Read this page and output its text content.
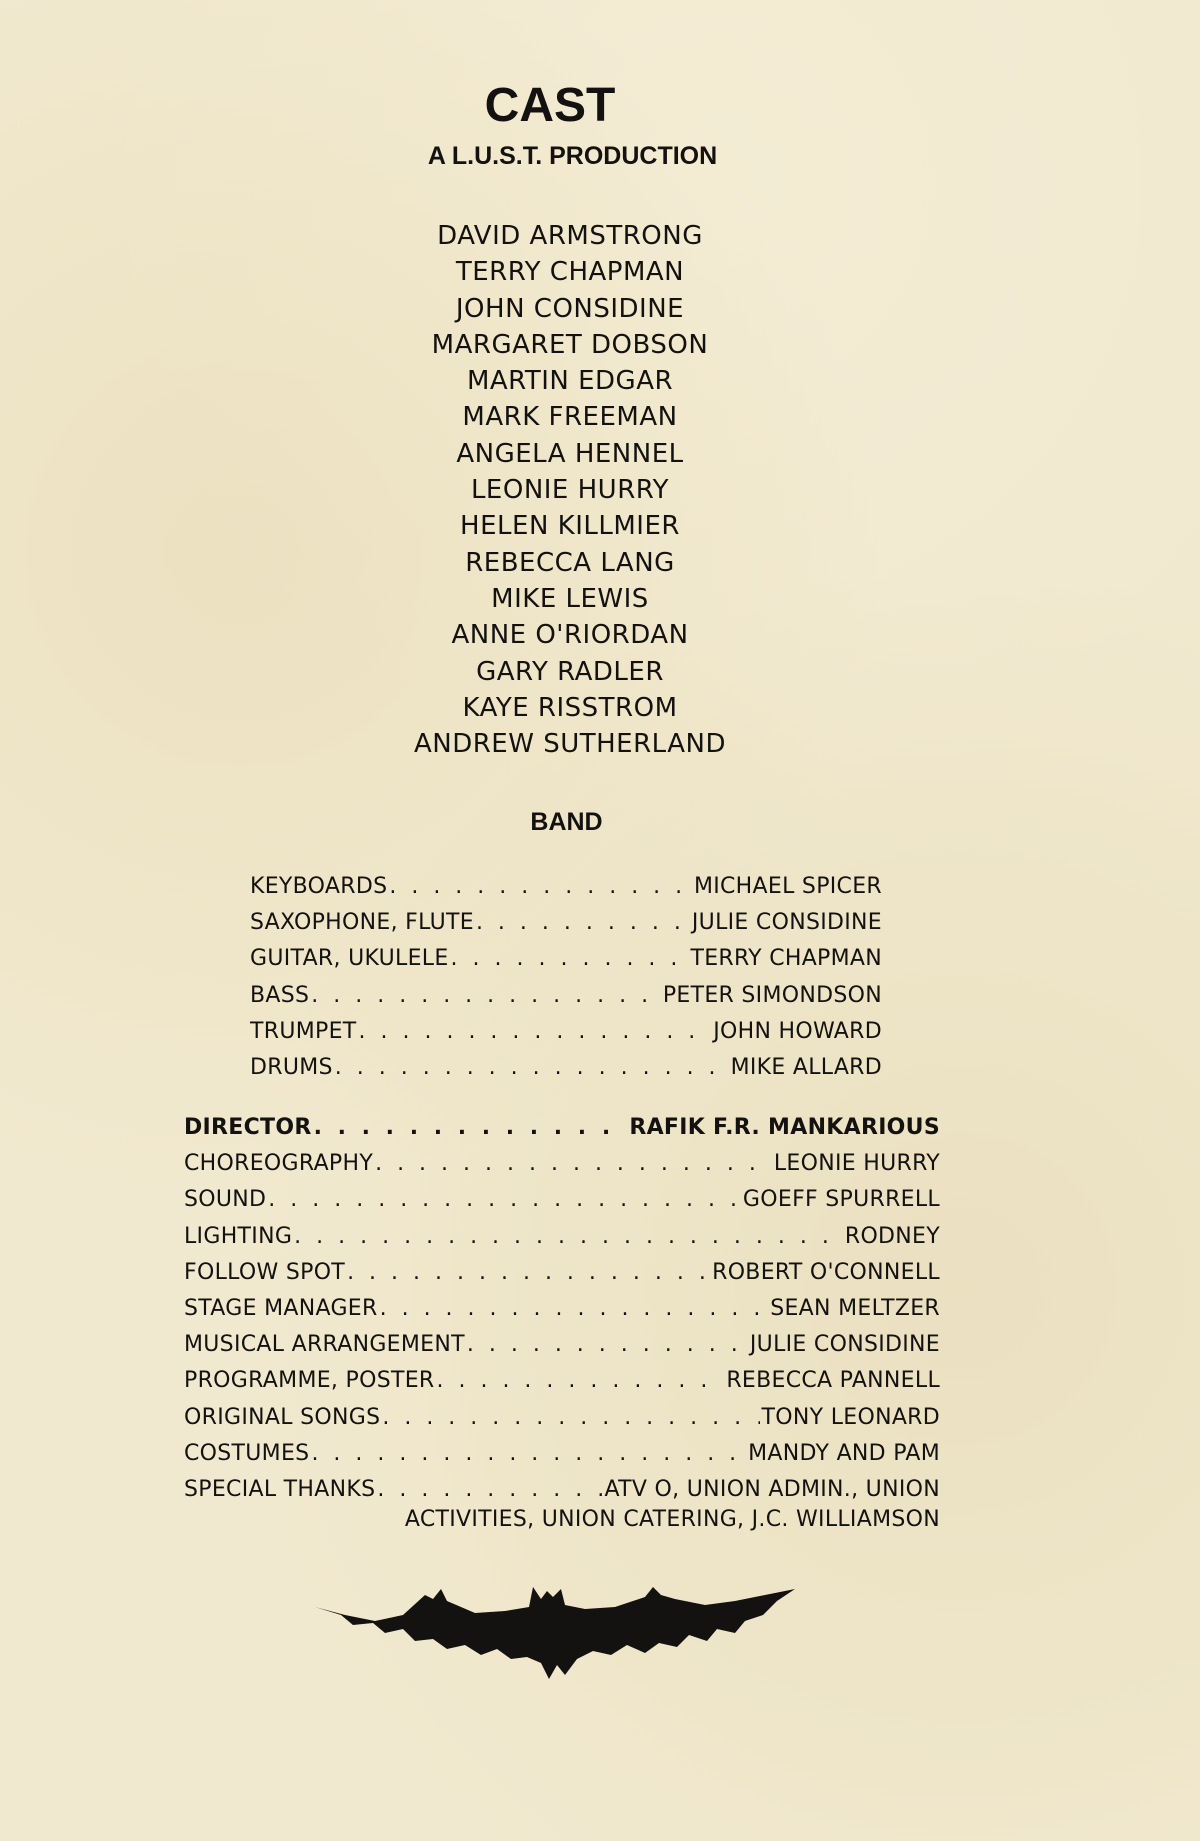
CAST
A L.U.S.T. PRODUCTION
DAVID ARMSTRONG
TERRY CHAPMAN
JOHN CONSIDINE
MARGARET DOBSON
MARTIN EDGAR
MARK FREEMAN
ANGELA HENNEL
LEONIE HURRY
HELEN KILLMIER
REBECCA LANG
MIKE LEWIS
ANNE O'RIORDAN
GARY RADLER
KAYE RISSTROM
ANDREW SUTHERLAND
BAND
KEYBOARDS . . .	MICHAEL SPICER
SAXOPHONE, FLUTE . . .	JULIE CONSIDINE
GUITAR, UKULELE . . .	TERRY CHAPMAN
BASS . . .	PETER SIMONDSON
TRUMPET . . .	JOHN HOWARD
DRUMS . . .	MIKE ALLARD
DIRECTOR . . .	RAFIK F.R. MANKARIOUS
CHOREOGRAPHY . . .	LEONIE HURRY
SOUND . . .	GOEFF SPURRELL
LIGHTING . . .	RODNEY
FOLLOW SPOT . . .	ROBERT O'CONNELL
STAGE MANAGER . . .	SEAN MELTZER
MUSICAL ARRANGEMENT . . .	JULIE CONSIDINE
PROGRAMME, POSTER . . .	REBECCA PANNELL
ORIGINAL SONGS . . .	TONY LEONARD
COSTUMES . . .	MANDY AND PAM
SPECIAL THANKS . . .	ATV O, UNION ADMIN., UNION
ACTIVITIES, UNION CATERING, J.C. WILLIAMSON
